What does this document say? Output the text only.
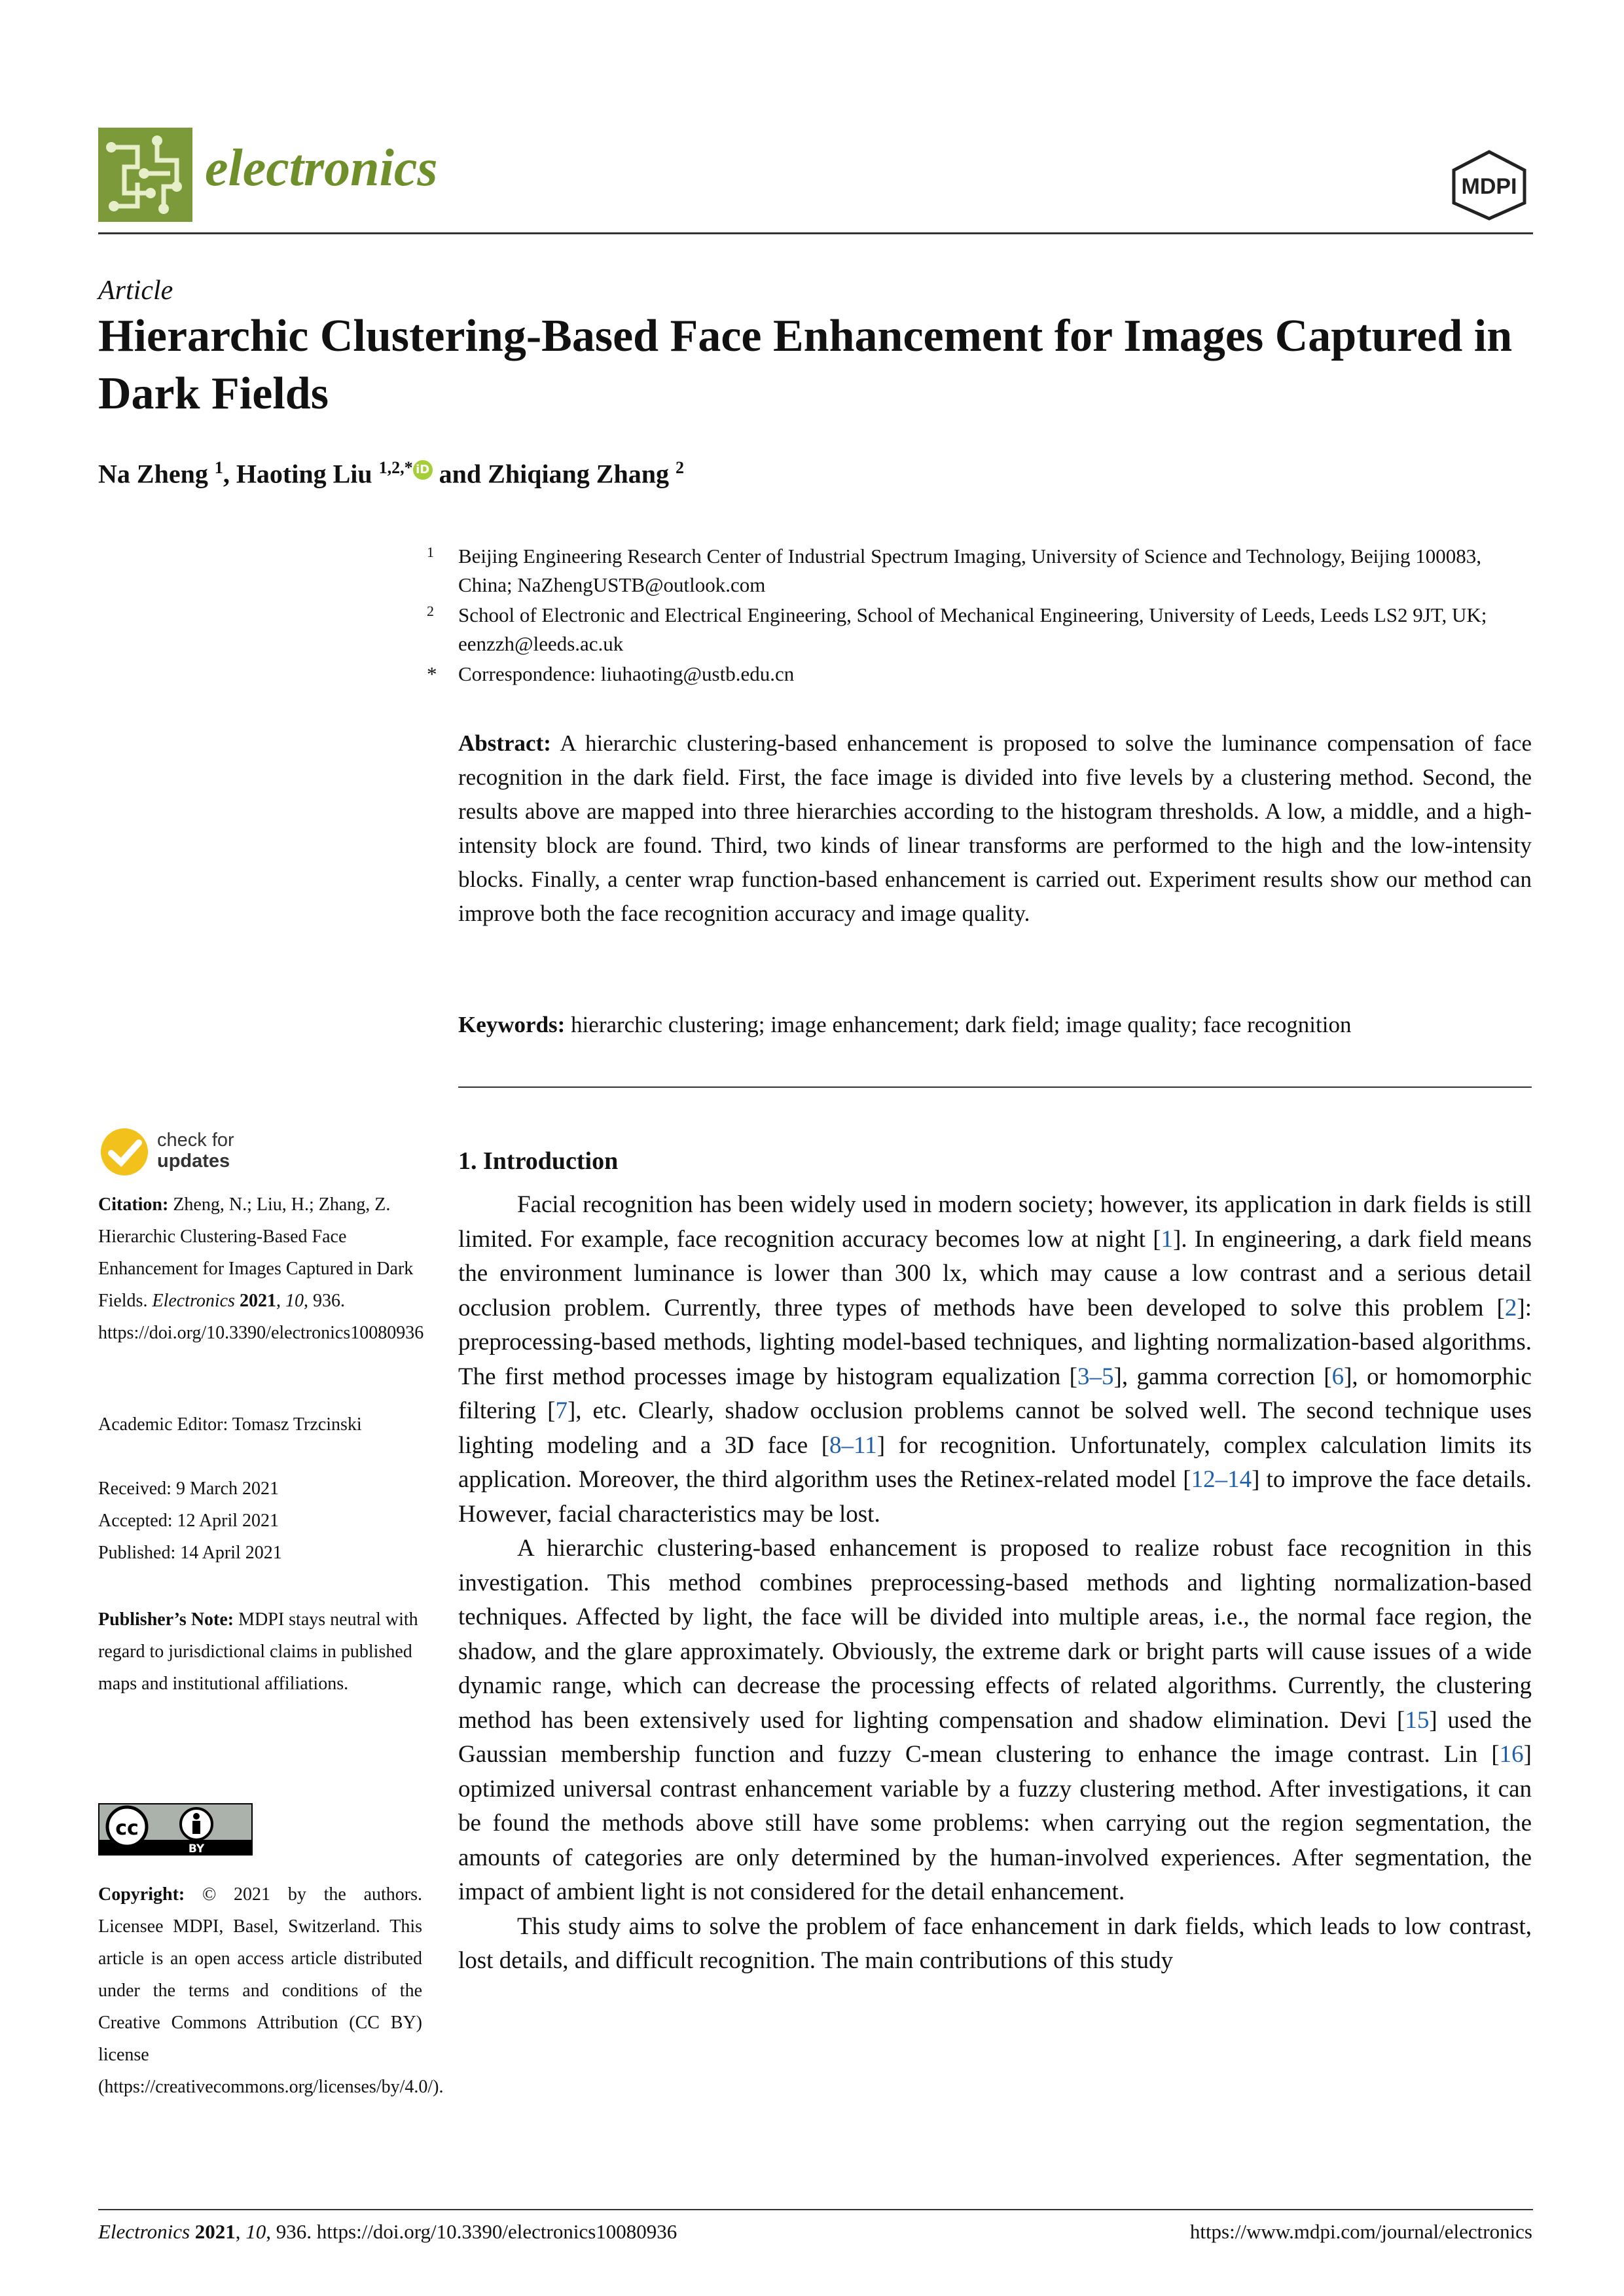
electronics	MDPI
Article
Hierarchic Clustering-Based Face Enhancement for Images Captured in Dark Fields
Na Zheng $^1$, Haoting Liu $^{1,2,*}$ iD and Zhiqiang Zhang $^2$
1 Beijing Engineering Research Center of Industrial Spectrum Imaging, University of Science and Technology, Beijing 100083, China; NaZhengUSTB@outlook.com
2 School of Electronic and Electrical Engineering, School of Mechanical Engineering, University of Leeds, Leeds LS2 9JT, UK; eenzzh@leeds.ac.uk
* Correspondence: liuhaoting@ustb.edu.cn
Abstract: A hierarchic clustering-based enhancement is proposed to solve the luminance compensation of face recognition in the dark field. First, the face image is divided into five levels by a clustering method. Second, the results above are mapped into three hierarchies according to the histogram thresholds. A low, a middle, and a high-intensity block are found. Third, two kinds of linear transforms are performed to the high and the low-intensity blocks. Finally, a center wrap function-based enhancement is carried out. Experiment results show our method can improve both the face recognition accuracy and image quality.
Keywords: hierarchic clustering; image enhancement; dark field; image quality; face recognition
check for
updates
Citation: Zheng, N.; Liu, H.; Zhang, Z. Hierarchic Clustering-Based Face Enhancement for Images Captured in Dark Fields. Electronics 2021, 10, 936. https://doi.org/10.3390/electronics10080936
Academic Editor: Tomasz Trzcinski
Received: 9 March 2021
Accepted: 12 April 2021
Published: 14 April 2021
Publisher’s Note: MDPI stays neutral with regard to jurisdictional claims in published maps and institutional affiliations.
cc
BY
Copyright: © 2021 by the authors. Licensee MDPI, Basel, Switzerland. This article is an open access article distributed under the terms and conditions of the Creative Commons Attribution (CC BY) license (https://creativecommons.org/licenses/by/4.0/).
1. Introduction

Facial recognition has been widely used in modern society; however, its application in dark fields is still limited. For example, face recognition accuracy becomes low at night [1]. In engineering, a dark field means the environment luminance is lower than 300 lx, which may cause a low contrast and a serious detail occlusion problem. Currently, three types of methods have been developed to solve this problem [2]: preprocessing-based methods, lighting model-based techniques, and lighting normalization-based algorithms. The first method processes image by histogram equalization [3–5], gamma correction [6], or homomorphic filtering [7], etc. Clearly, shadow occlusion problems cannot be solved well. The second technique uses lighting modeling and a 3D face [8–11] for recognition. Unfortunately, complex calculation limits its application. Moreover, the third algorithm uses the Retinex-related model [12–14] to improve the face details. However, facial characteristics may be lost.

A hierarchic clustering-based enhancement is proposed to realize robust face recognition in this investigation. This method combines preprocessing-based methods and lighting normalization-based techniques. Affected by light, the face will be divided into multiple areas, i.e., the normal face region, the shadow, and the glare approximately. Obviously, the extreme dark or bright parts will cause issues of a wide dynamic range, which can decrease the processing effects of related algorithms. Currently, the clustering method has been extensively used for lighting compensation and shadow elimination. Devi [15] used the Gaussian membership function and fuzzy C-mean clustering to enhance the image contrast. Lin [16] optimized universal contrast enhancement variable by a fuzzy clustering method. After investigations, it can be found the methods above still have some problems: when carrying out the region segmentation, the amounts of categories are only determined by the human-involved experiences. After segmentation, the impact of ambient light is not considered for the detail enhancement.

This study aims to solve the problem of face enhancement in dark fields, which leads to low contrast, lost details, and difficult recognition. The main contributions of this study

Electronics 2021, 10, 936. https://doi.org/10.3390/electronics10080936	https://www.mdpi.com/journal/electronics
